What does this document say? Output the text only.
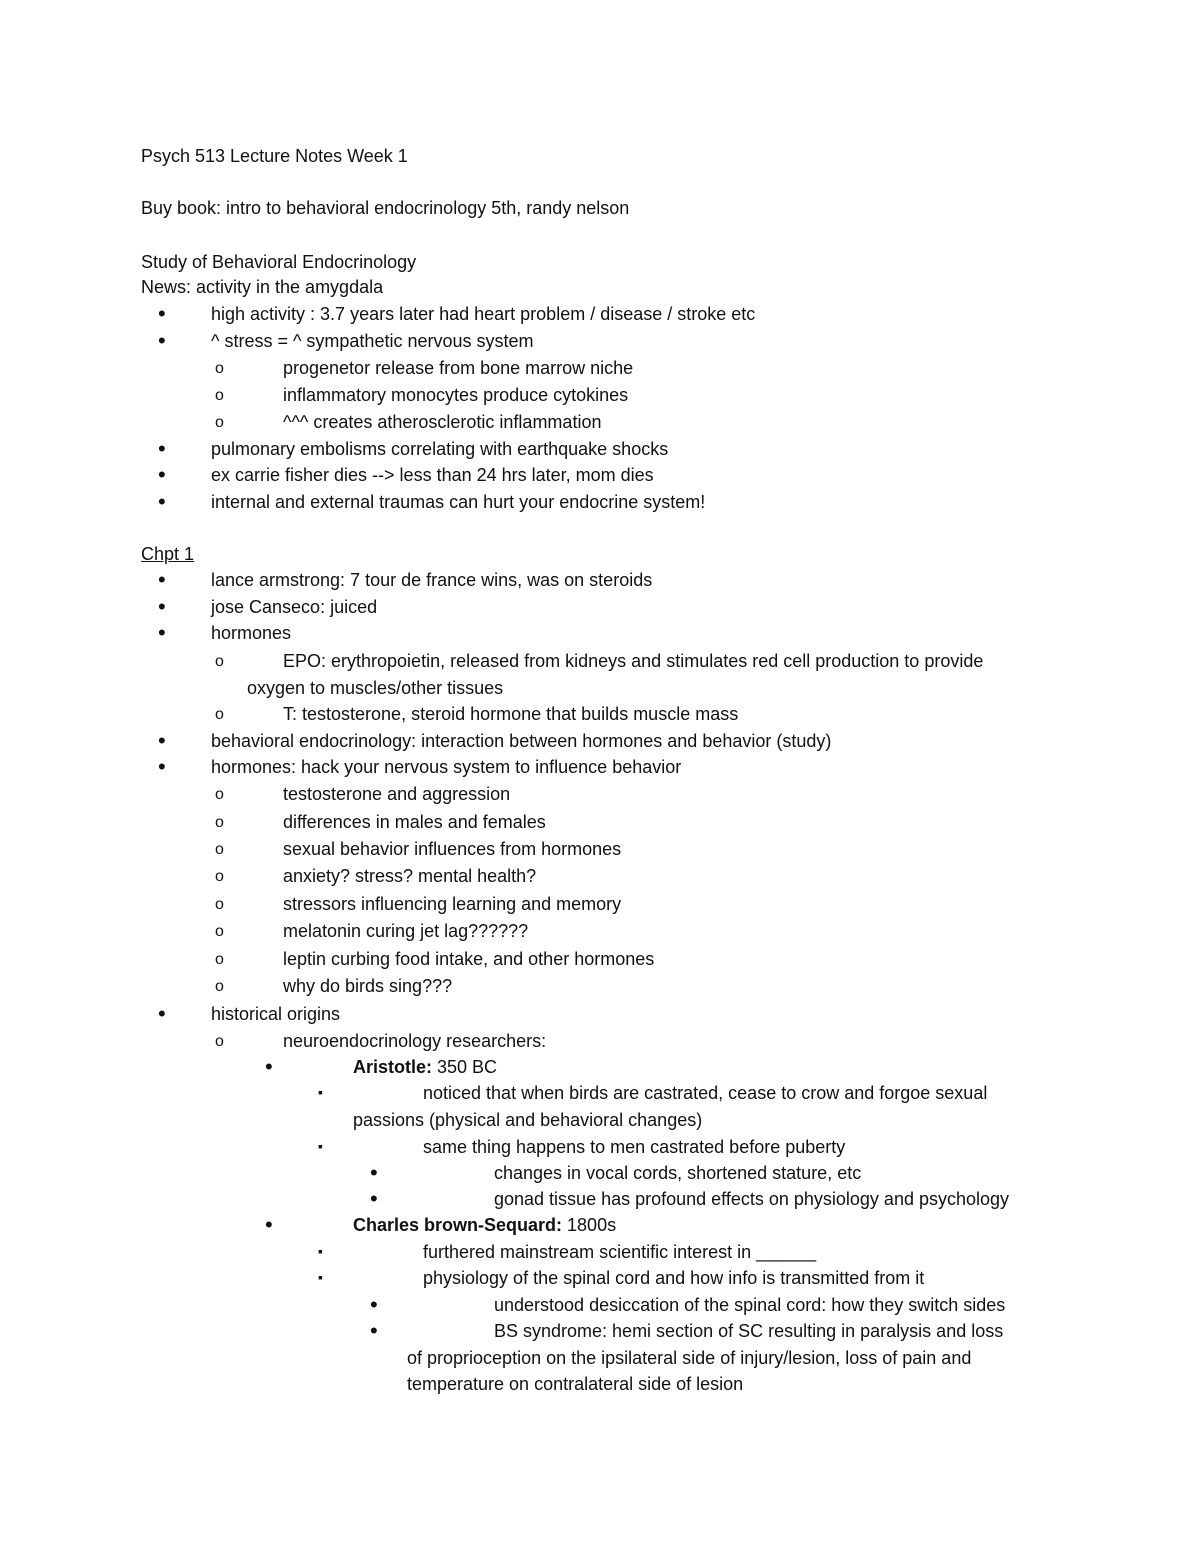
Psych 513 Lecture Notes Week 1
Buy book: intro to behavioral endocrinology 5th, randy nelson
Study of Behavioral Endocrinology
News: activity in the amygdala
•	high activity : 3.7 years later had heart problem / disease / stroke etc
•	^ stress = ^ sympathetic nervous system
o	progenetor release from bone marrow niche
o	inflammatory monocytes produce cytokines
o	^^^ creates atherosclerotic inflammation
•	pulmonary embolisms correlating with earthquake shocks
•	ex carrie fisher dies --> less than 24 hrs later, mom dies
•	internal and external traumas can hurt your endocrine system!
Chpt 1
•	lance armstrong: 7 tour de france wins, was on steroids
•	jose Canseco: juiced
•	hormones
o	EPO: erythropoietin, released from kidneys and stimulates red cell production to provide
oxygen to muscles/other tissues
o	T: testosterone, steroid hormone that builds muscle mass
•	behavioral endocrinology: interaction between hormones and behavior (study)
•	hormones: hack your nervous system to influence behavior
o	testosterone and aggression
o	differences in males and females
o	sexual behavior influences from hormones
o	anxiety? stress? mental health?
o	stressors influencing learning and memory
o	melatonin curing jet lag??????
o	leptin curbing food intake, and other hormones
o	why do birds sing???
•	historical origins
o	neuroendocrinology researchers:
•	Aristotle: 350 BC
▪	noticed that when birds are castrated, cease to crow and forgoe sexual
passions (physical and behavioral changes)
▪	same thing happens to men castrated before puberty
•	changes in vocal cords, shortened stature, etc
•	gonad tissue has profound effects on physiology and psychology
•	Charles brown-Sequard: 1800s
▪	furthered mainstream scientific interest in ______
▪	physiology of the spinal cord and how info is transmitted from it
•	understood desiccation of the spinal cord: how they switch sides
•	BS syndrome: hemi section of SC resulting in paralysis and loss
of proprioception on the ipsilateral side of injury/lesion, loss of pain and
temperature on contralateral side of lesion
